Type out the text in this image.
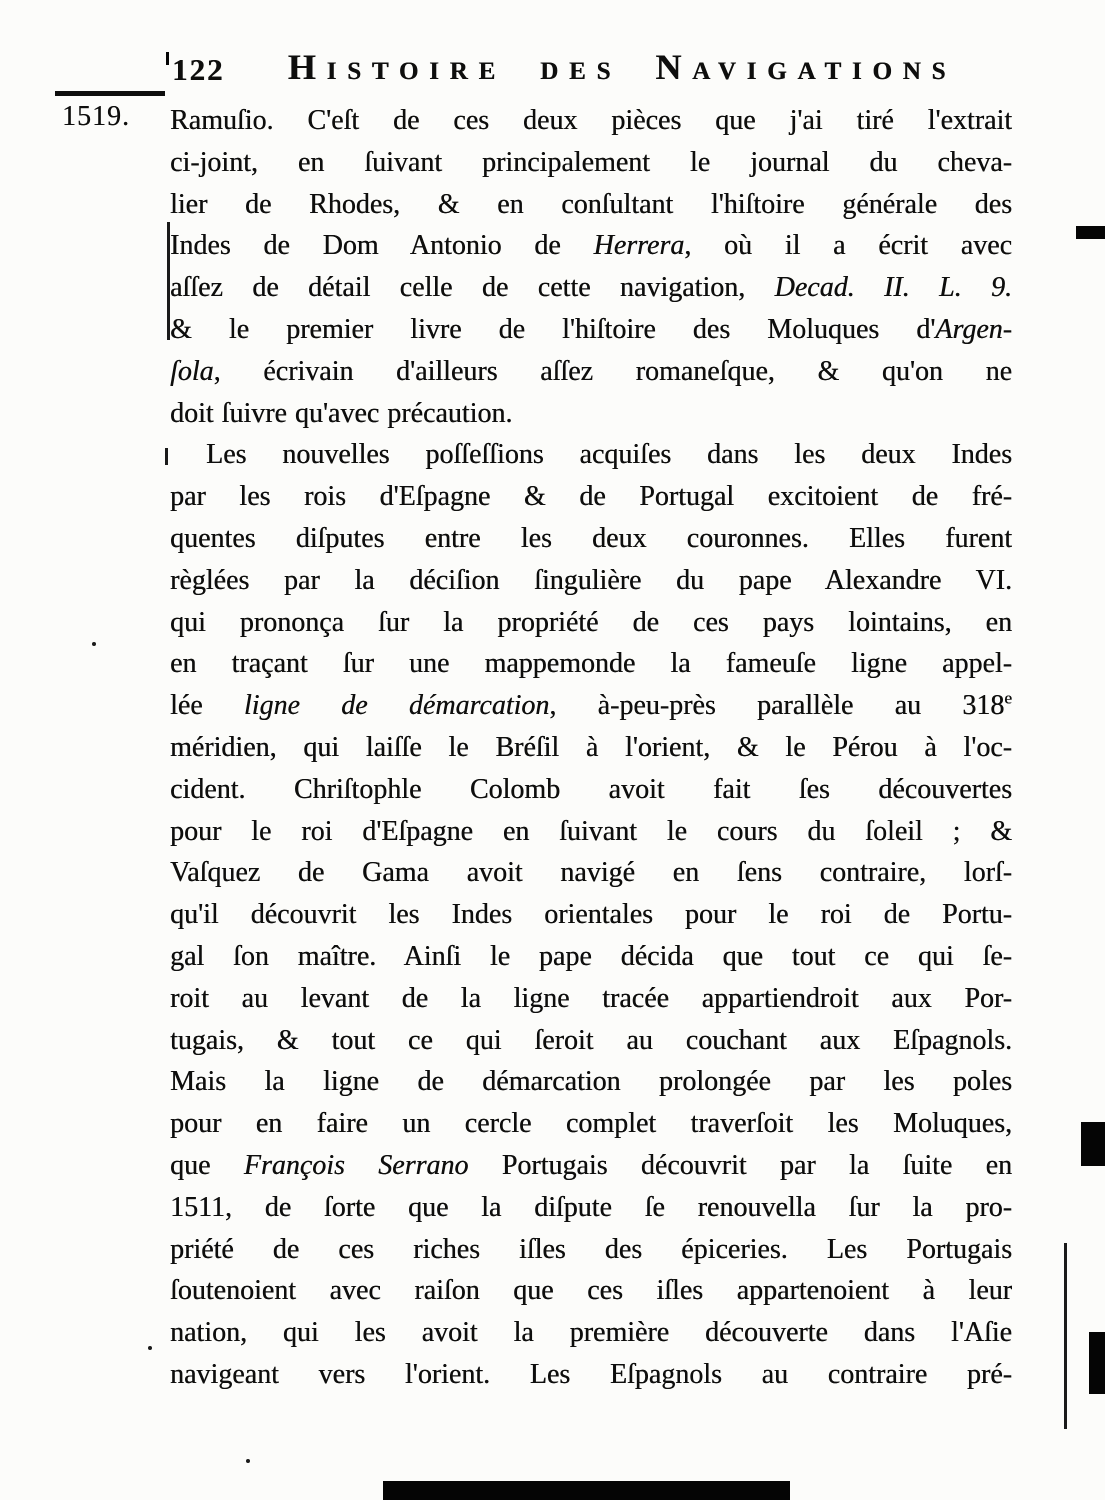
122	Histoire des Navigations
1519. Ramuſio. C'eſt de ces deux pièces que j'ai tiré l'extrait
ci-joint, en ſuivant principalement le journal du cheva-
lier de Rhodes, & en conſultant l'hiſtoire générale des
Indes de Dom Antonio de Herrera, où il a écrit avec
aſſez de détail celle de cette navigation, Decad. II. L. 9.
& le premier livre de l'hiſtoire des Moluques d'Argen-
ſola, écrivain d'ailleurs aſſez romaneſque, & qu'on ne
doit ſuivre qu'avec précaution.
Les nouvelles poſſeſſions acquiſes dans les deux Indes
par les rois d'Eſpagne & de Portugal excitoient de fré-
quentes diſputes entre les deux couronnes. Elles furent
règlées par la déciſion ſingulière du pape Alexandre VI.
qui prononça ſur la propriété de ces pays lointains, en
en traçant ſur une mappemonde la fameuſe ligne appel-
lée ligne de démarcation, à-peu-près parallèle au 318e
méridien, qui laiſſe le Bréſil à l'orient, & le Pérou à l'oc-
cident. Chriſtophle Colomb avoit fait ſes découvertes
pour le roi d'Eſpagne en ſuivant le cours du ſoleil ; &
Vaſquez de Gama avoit navigé en ſens contraire, lorſ-
qu'il découvrit les Indes orientales pour le roi de Portu-
gal ſon maître. Ainſi le pape décida que tout ce qui ſe-
roit au levant de la ligne tracée appartiendroit aux Por-
tugais, & tout ce qui ſeroit au couchant aux Eſpagnols.
Mais la ligne de démarcation prolongée par les poles
pour en faire un cercle complet traverſoit les Moluques,
que François Serrano Portugais découvrit par la ſuite en
1511, de ſorte que la diſpute ſe renouvella ſur la pro-
priété de ces riches iſles des épiceries. Les Portugais
ſoutenoient avec raiſon que ces iſles appartenoient à leur
nation, qui les avoit la première découverte dans l'Aſie
navigeant vers l'orient. Les Eſpagnols au contraire pré-
